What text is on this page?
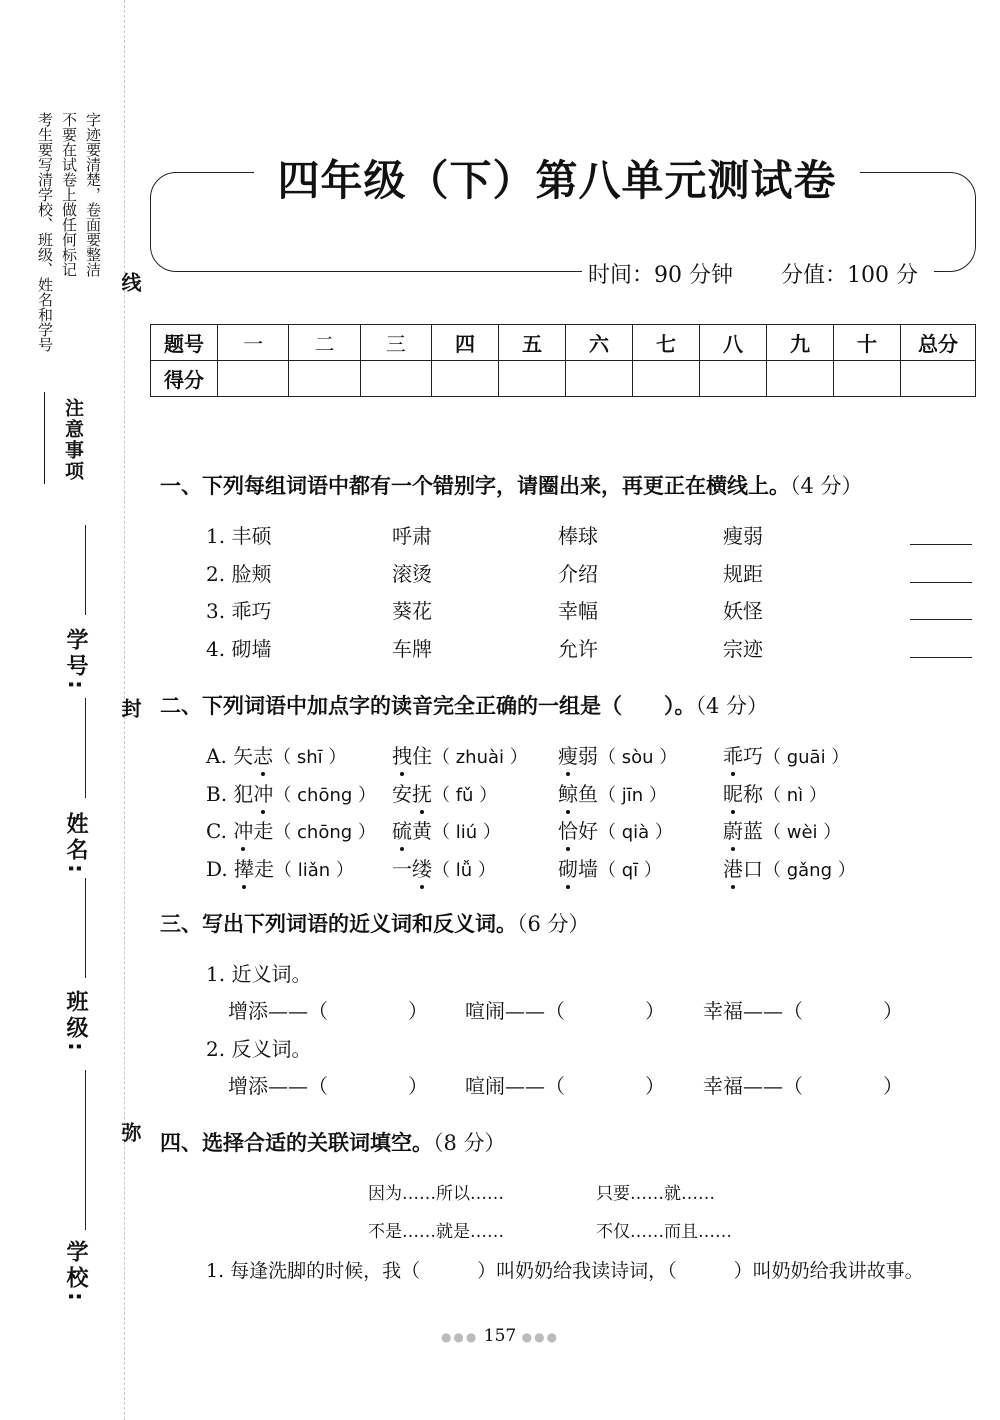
考生要写清学校、班级、姓名和学号 不要在试卷上做任何标记 字迹要清楚，卷面要整洁
注意事项
学号:
姓名:
班级:
学校:
线
封
弥
四年级（下）第八单元测试卷
时间：90 分钟 分值：100 分
题号	一	二	三	四	五	六	七	八	九	十	总分
得分											
一、下列每组词语中都有一个错别字，请圈出来，再更正在横线上。（4 分）
1. 丰硕	呼肃	棒球	瘦弱
2. 脸颊	滚烫	介绍	规距
3. 乖巧	葵花	幸幅	妖怪
4. 砌墙	车牌	允许	宗迹
二、下列词语中加点字的读音完全正确的一组是（　　）。（4 分）
A. 矢志（ shī ） 拽住（ zhuài ） 瘦弱（ sòu ） 乖巧（ guāi ）
B. 犯冲（ chōng ） 安抚（ fǔ ）	鲸鱼（ jīn ）	昵称（ nì ）
C. 冲走（ chōng ） 硫黄（ liú ）	恰好（ qià ）	蔚蓝（ wèi ）
D. 撵走（ liǎn ） 一缕（ lǚ ）	砌墙（ qī ）	港口（ gǎng ）
三、写出下列词语的近义词和反义词。（6 分）
1. 近义词。
增添——（　　　　） 喧闹——（　　　　） 幸福——（　　　　）
2. 反义词。
增添——（　　　　） 喧闹——（　　　　） 幸福——（　　　　）
四、选择合适的关联词填空。（8 分）
因为……所以……	只要……就……
不是……就是……	不仅……而且……
1. 每逢洗脚的时候，我（　　　）叫奶奶给我读诗词，（　　　）叫奶奶给我讲故事。
●●● 157 ●●●
